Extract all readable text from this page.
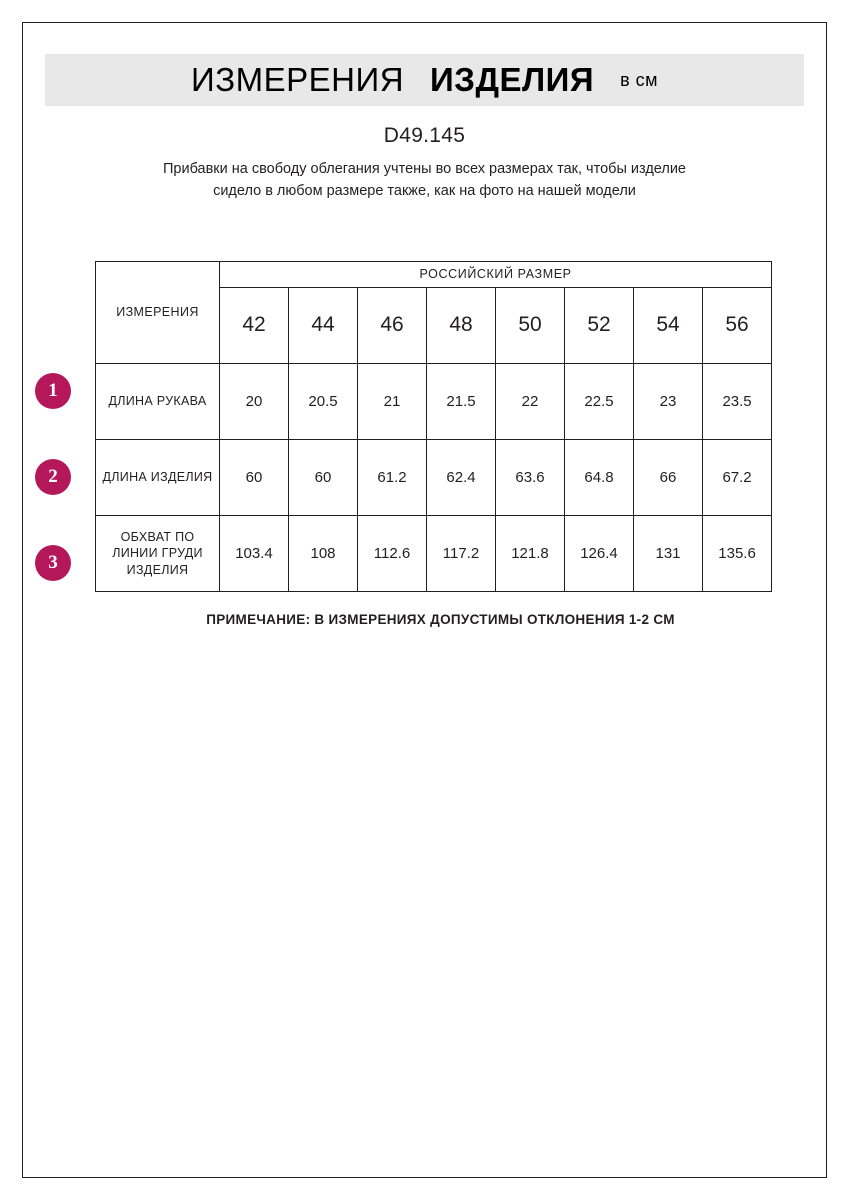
ИЗМЕРЕНИЯ ИЗДЕЛИЯ в см
D49.145
Прибавки на свободу облегания учтены во всех размерах так, чтобы изделие сидело в любом размере также, как на фото на нашей модели
1
2
3
ИЗМЕРЕНИЯ	РОССИЙСКИЙ РАЗМЕР							
	42	44	46	48	50	52	54	56
ДЛИНА РУКАВА	20	20.5	21	21.5	22	22.5	23	23.5
ДЛИНА ИЗДЕЛИЯ	60	60	61.2	62.4	63.6	64.8	66	67.2
ОБХВАТ ПО ЛИНИИ ГРУДИ ИЗДЕЛИЯ	103.4	108	112.6	117.2	121.8	126.4	131	135.6
ПРИМЕЧАНИЕ: В ИЗМЕРЕНИЯХ ДОПУСТИМЫ ОТКЛОНЕНИЯ 1-2 СМ
